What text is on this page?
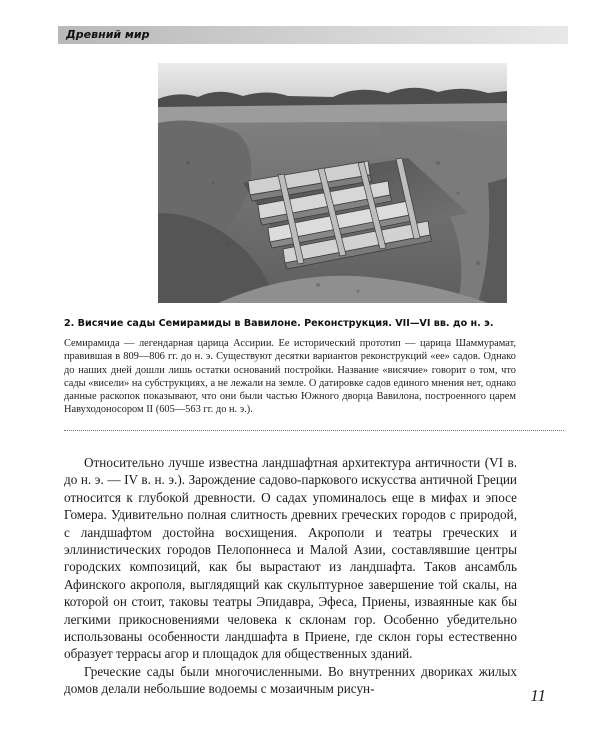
Древний мир
2. Висячие сады Семирамиды в Вавилоне. Реконструкция. VII—VI вв. до н. э.
Семирамида — легендарная царица Ассирии. Ее исторический прототип — царица Шаммурамат, правившая в 809—806 гг. до н. э. Существуют десятки вариантов реконструкций «ее» садов. Однако до наших дней дошли лишь остатки оснований постройки. Название «висячие» говорит о том, что сады «висели» на субструкциях, а не лежали на земле. О датировке садов единого мнения нет, однако данные раскопок показывают, что они были частью Южного дворца Вавилона, построенного царем Навуходоносором II (605—563 гг. до н. э.).

Относительно лучше известна ландшафтная архитектура античности (VI в. до н. э. — IV в. н. э.). Зарождение садово-паркового искусства античной Греции относится к глубокой древности. О садах упоминалось еще в мифах и эпосе Гомера. Удивительно полная слитность древних греческих городов с природой, с ландшафтом достойна восхищения. Акрополи и театры греческих и эллинистических городов Пелопоннеса и Малой Азии, составлявшие центры городских композиций, как бы вырастают из ландшафта. Таков ансамбль Афинского акрополя, выглядящий как скульптурное завершение той скалы, на которой он стоит, таковы театры Эпидавра, Эфеса, Приены, изваянные как бы легкими прикосновениями человека к склонам гор. Особенно убедительно использованы особенности ландшафта в Приене, где склон горы естественно образует террасы агор и площадок для общественных зданий.

Греческие сады были многочисленными. Во внутренних двориках жилых домов делали небольшие водоемы с мозаичным рисун-	11
